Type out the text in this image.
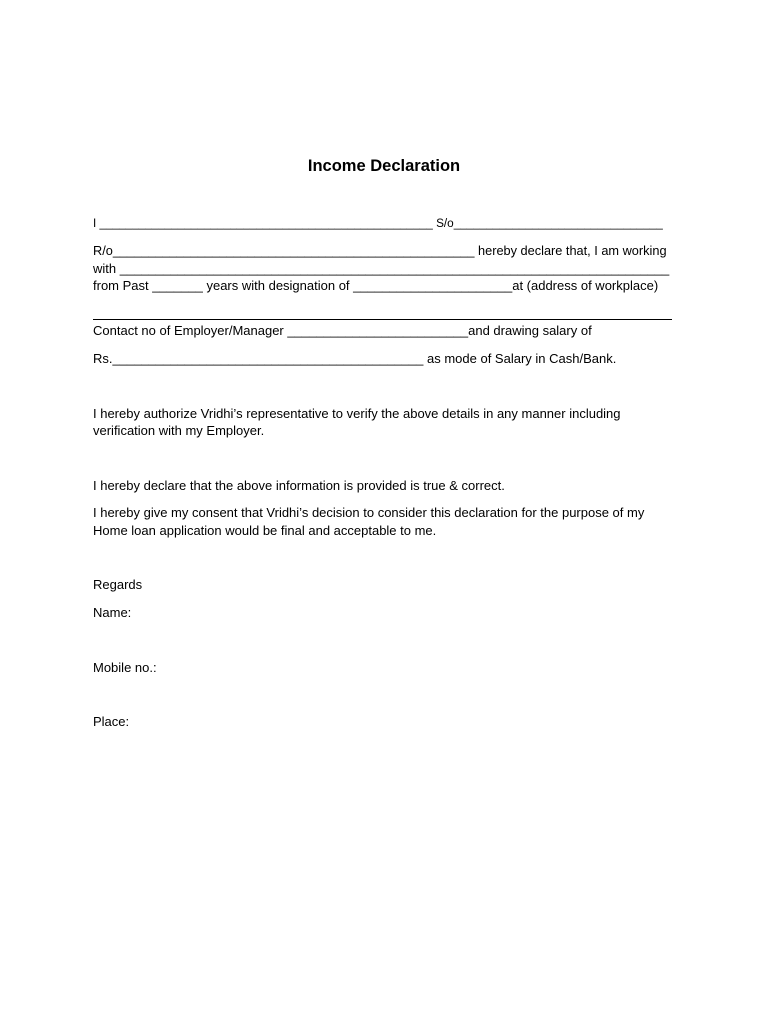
Income Declaration
I ___________________________________________________ S/o________________________________
R/o___________________________________________________ hereby declare that, I am working
with ____________________________________________________________________________
from Past _______ years with designation of ______________________at (address of workplace)
Contact no of Employer/Manager _________________________and drawing salary of
Rs.___________________________________________ as mode of Salary in Cash/Bank.
I hereby authorize Vridhi’s representative to verify the above details in any manner including
verification with my Employer.
I hereby declare that the above information is provided is true & correct.
I hereby give my consent that Vridhi’s decision to consider this declaration for the purpose of my
Home loan application would be final and acceptable to me.
Regards
Name:
Mobile no.:
Place:
